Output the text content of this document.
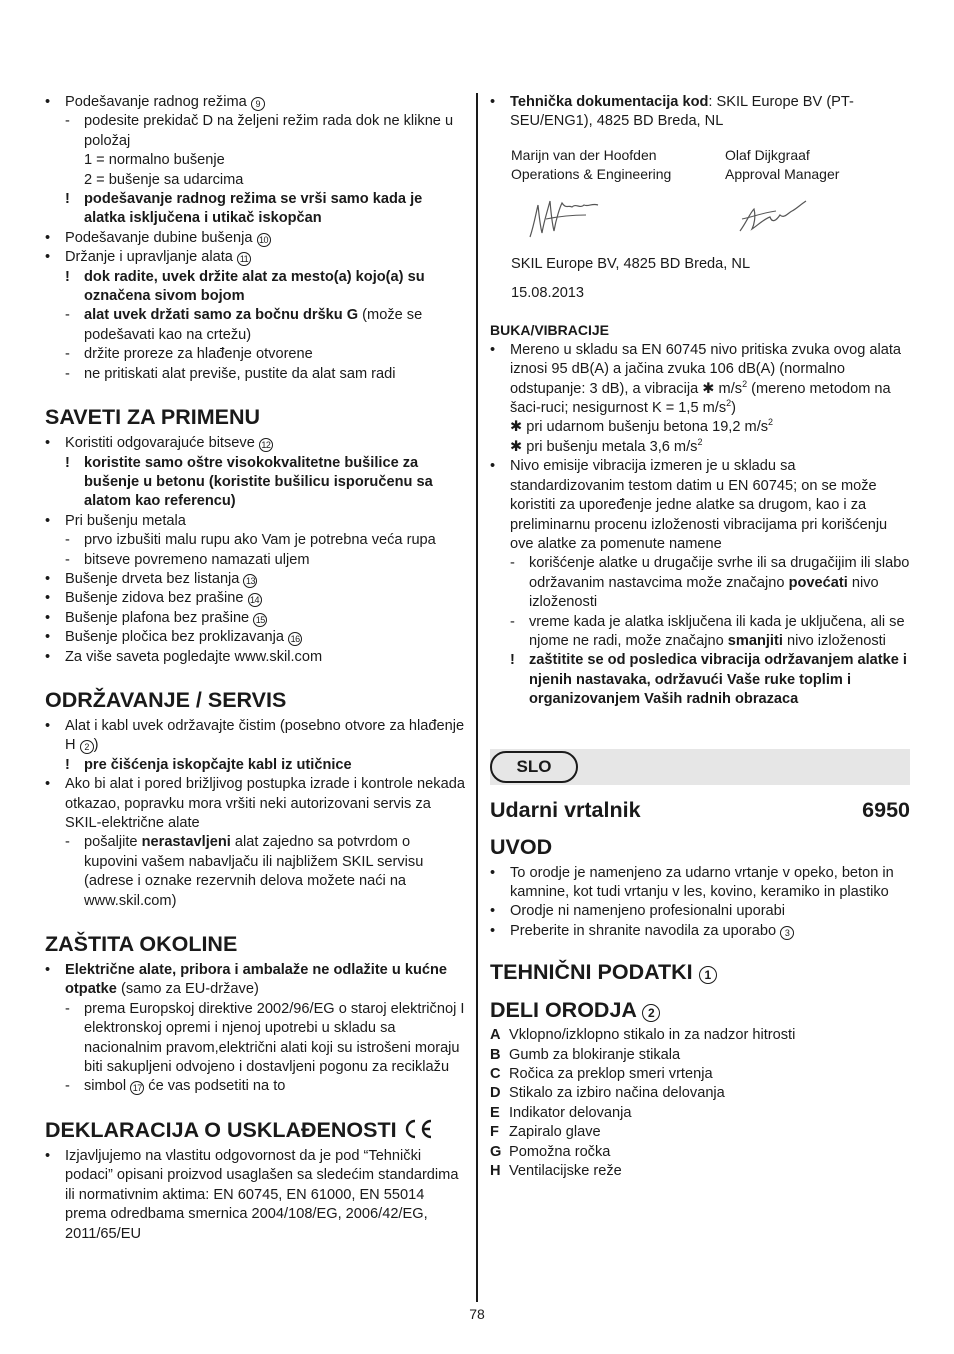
• Podešavanje radnog režima 9
- podesite prekidač D na željeni režim rada dok ne klikne u položaj
1 = normalno bušenje
2 = bušenje sa udarcima
! podešavanje radnog režima se vrši samo kada je alatka isključena i utikač iskopčan
• Podešavanje dubine bušenja 10
• Držanje i upravljanje alata 11
! dok radite, uvek držite alat za mesto(a) kojo(a) su označena sivom bojom
- alat uvek držati samo za bočnu dršku G (može se podešavati kao na crtežu)
- držite proreze za hlađenje otvorene
- ne pritiskati alat previše, pustite da alat sam radi
SAVETI ZA PRIMENU
• Koristiti odgovarajuće bitseve 12
! koristite samo oštre visokokvalitetne bušilice za bušenje u betonu (koristite bušilicu isporučenu sa alatom kao referencu)
• Pri bušenju metala
- prvo izbušiti malu rupu ako Vam je potrebna veća rupa
- bitseve povremeno namazati uljem
• Bušenje drveta bez listanja 13
• Bušenje zidova bez prašine 14
• Bušenje plafona bez prašine 15
• Bušenje pločica bez proklizavanja 16
• Za više saveta pogledajte www.skil.com
ODRŽAVANJE / SERVIS
• Alat i kabl uvek održavajte čistim (posebno otvore za hlađenje H 2 )
! pre čišćenja iskopčajte kabl iz utičnice
• Ako bi alat i pored brižljivog postupka izrade i kontrole nekada otkazao, popravku mora vršiti neki autorizovani servis za SKIL-električne alate
- pošaljite nerastavljeni alat zajedno sa potvrdom o kupovini vašem nabavljaču ili najbližem SKIL servisu (adrese i oznake rezervnih delova možete naći na www.skil.com)
ZAŠTITA OKOLINE
• Električne alate, pribora i ambalaže ne odlažite u kućne otpatke (samo za EU-države)
- prema Europskoj direktive 2002/96/EG o staroj električnoj I elektronskoj opremi i njenoj upotrebi u skladu sa nacionalnim pravom,električni alati koji su istrošeni moraju biti sakupljeni odvojeno i dostavljeni pogonu za reciklažu
- simbol 17 će vas podsetiti na to
DEKLARACIJA O USKLAĐENOSTI
• Izjavljujemo na vlastitu odgovornost da je pod “Tehnički podaci” opisani proizvod usaglašen sa sledećim standardima ili normativnim aktima: EN 60745, EN 61000, EN 55014 prema odredbama smernica 2004/108/EG, 2006/42/EG, 2011/65/EU
• Tehnička dokumentacija kod: SKIL Europe BV (PT-SEU/ENG1), 4825 BD Breda, NL
Marijn van der Hoofden
Operations & Engineering
Olaf Dijkgraaf
Approval Manager
SKIL Europe BV, 4825 BD Breda, NL
15.08.2013
BUKA/VIBRACIJE
• Mereno u skladu sa EN 60745 nivo pritiska zvuka ovog alata iznosi 95 dB(A) a jačina zvuka 106 dB(A) (normalno odstupanje: 3 dB), a vibracija ✱ $m/s^2$ (mereno metodom na šaci-ruci; nesigurnost K = 1,5 $m/s^2$)
✱ pri udarnom bušenju betona 19,2 $m/s^2$
✱ pri bušenju metala 3,6 $m/s^2$
• Nivo emisije vibracija izmeren je u skladu sa standardizovanim testom datim u EN 60745; on se može koristiti za upoređenje jedne alatke sa drugom, kao i za preliminarnu procenu izloženosti vibracijama pri korišćenju ove alatke za pomenute namene
- korišćenje alatke u drugačije svrhe ili sa drugačijim ili slabo održavanim nastavcima može značajno povećati nivo izloženosti
- vreme kada je alatka isključena ili kada je uključena, ali se njome ne radi, može značajno smanjiti nivo izloženosti
! zaštitite se od posledica vibracija održavanjem alatke i njenih nastavaka, održavući Vaše ruke toplim i organizovanjem Vaših radnih obrazaca
SLO
Udarni vrtalnik	6950
UVOD
• To orodje je namenjeno za udarno vrtanje v opeko, beton in kamnine, kot tudi vrtanju v les, kovino, keramiko in plastiko
• Orodje ni namenjeno profesionalni uporabi
• Preberite in shranite navodila za uporabo 3
TEHNIČNI PODATKI 1
DELI ORODJA 2
A Vklopno/izklopno stikalo in za nadzor hitrosti
B Gumb za blokiranje stikala
C Ročica za preklop smeri vrtenja
D Stikalo za izbiro načina delovanja
E Indikator delovanja
F Zapiralo glave
G Pomožna ročka
H Ventilacijske reže
78
